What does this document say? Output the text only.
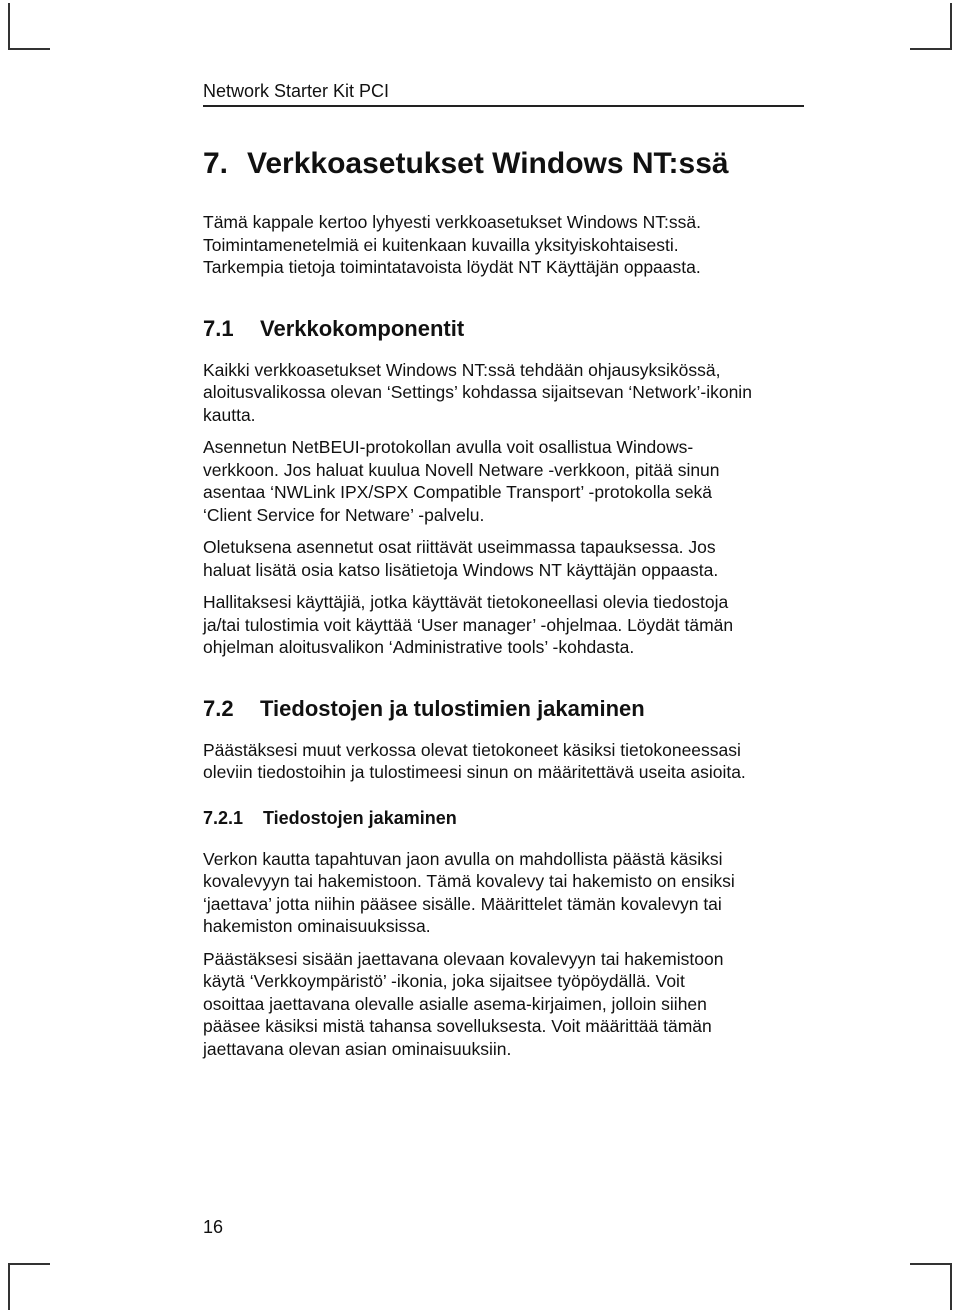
Network Starter Kit PCI
7. Verkkoasetukset Windows NT:ssä

Tämä kappale kertoo lyhyesti verkkoasetukset Windows NT:ssä.
Toimintamenetelmiä ei kuitenkaan kuvailla yksityiskohtaisesti.
Tarkempia tietoja toimintatavoista löydät NT Käyttäjän oppaasta.

7.1	Verkkokomponentit

Kaikki verkkoasetukset Windows NT:ssä tehdään ohjausyksikössä,
aloitusvalikossa olevan ‘Settings’ kohdassa sijaitsevan ‘Network’-ikonin
kautta.

Asennetun NetBEUI-protokollan avulla voit osallistua Windows-
verkkoon. Jos haluat kuulua Novell Netware -verkkoon, pitää sinun
asentaa ‘NWLink IPX/SPX Compatible Transport’ -protokolla sekä
‘Client Service for Netware’ -palvelu.

Oletuksena asennetut osat riittävät useimmassa tapauksessa. Jos
haluat lisätä osia katso lisätietoja Windows NT käyttäjän oppaasta.

Hallitaksesi käyttäjiä, jotka käyttävät tietokoneellasi olevia tiedostoja
ja/tai tulostimia voit käyttää ‘User manager’ -ohjelmaa. Löydät tämän
ohjelman aloitusvalikon ‘Administrative tools’ -kohdasta.

7.2	Tiedostojen ja tulostimien jakaminen

Päästäksesi muut verkossa olevat tietokoneet käsiksi tietokoneessasi
oleviin tiedostoihin ja tulostimeesi sinun on määritettävä useita asioita.

7.2.1	Tiedostojen jakaminen

Verkon kautta tapahtuvan jaon avulla on mahdollista päästä käsiksi
kovalevyyn tai hakemistoon. Tämä kovalevy tai hakemisto on ensiksi
‘jaettava’ jotta niihin pääsee sisälle. Määrittelet tämän kovalevyn tai
hakemiston ominaisuuksissa.

Päästäksesi sisään jaettavana olevaan kovalevyyn tai hakemistoon
käytä ‘Verkkoympäristö’ -ikonia, joka sijaitsee työpöydällä. Voit
osoittaa jaettavana olevalle asialle asema-kirjaimen, jolloin siihen
pääsee käsiksi mistä tahansa sovelluksesta. Voit määrittää tämän
jaettavana olevan asian ominaisuuksiin.

16
